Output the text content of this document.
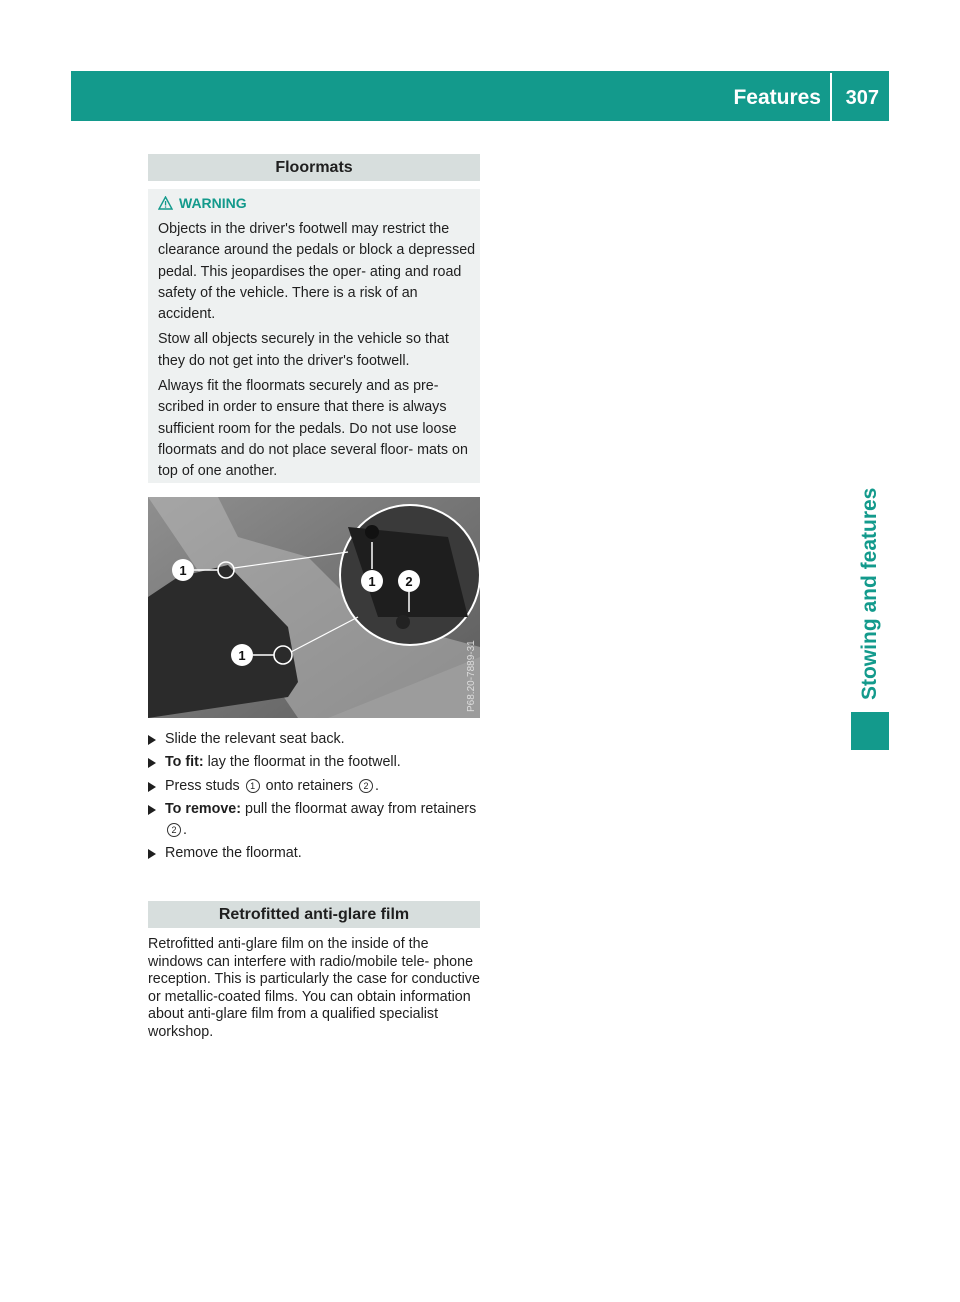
Features 307
Stowing and features
Floormats
WARNING

Objects in the driver's footwell may restrict the clearance around the pedals or block a depressed pedal. This jeopardises the oper- ating and road safety of the vehicle. There is a risk of an accident.

Stow all objects securely in the vehicle so that they do not get into the driver's footwell.

Always fit the floormats securely and as pre- scribed in order to ensure that there is always sufficient room for the pedals. Do not use loose floormats and do not place several floor- mats on top of one another.

1
1
1 2
P68.20-7889-31
Slide the relevant seat back.
To fit: lay the floormat in the footwell.
Press studs 1 onto retainers 2 .
To remove: pull the floormat away from retainers 2 .
Remove the floormat.
Retrofitted anti-glare film
Retrofitted anti-glare film on the inside of the windows can interfere with radio/mobile tele- phone reception. This is particularly the case for conductive or metallic-coated films. You can obtain information about anti-glare film from a qualified specialist workshop.
